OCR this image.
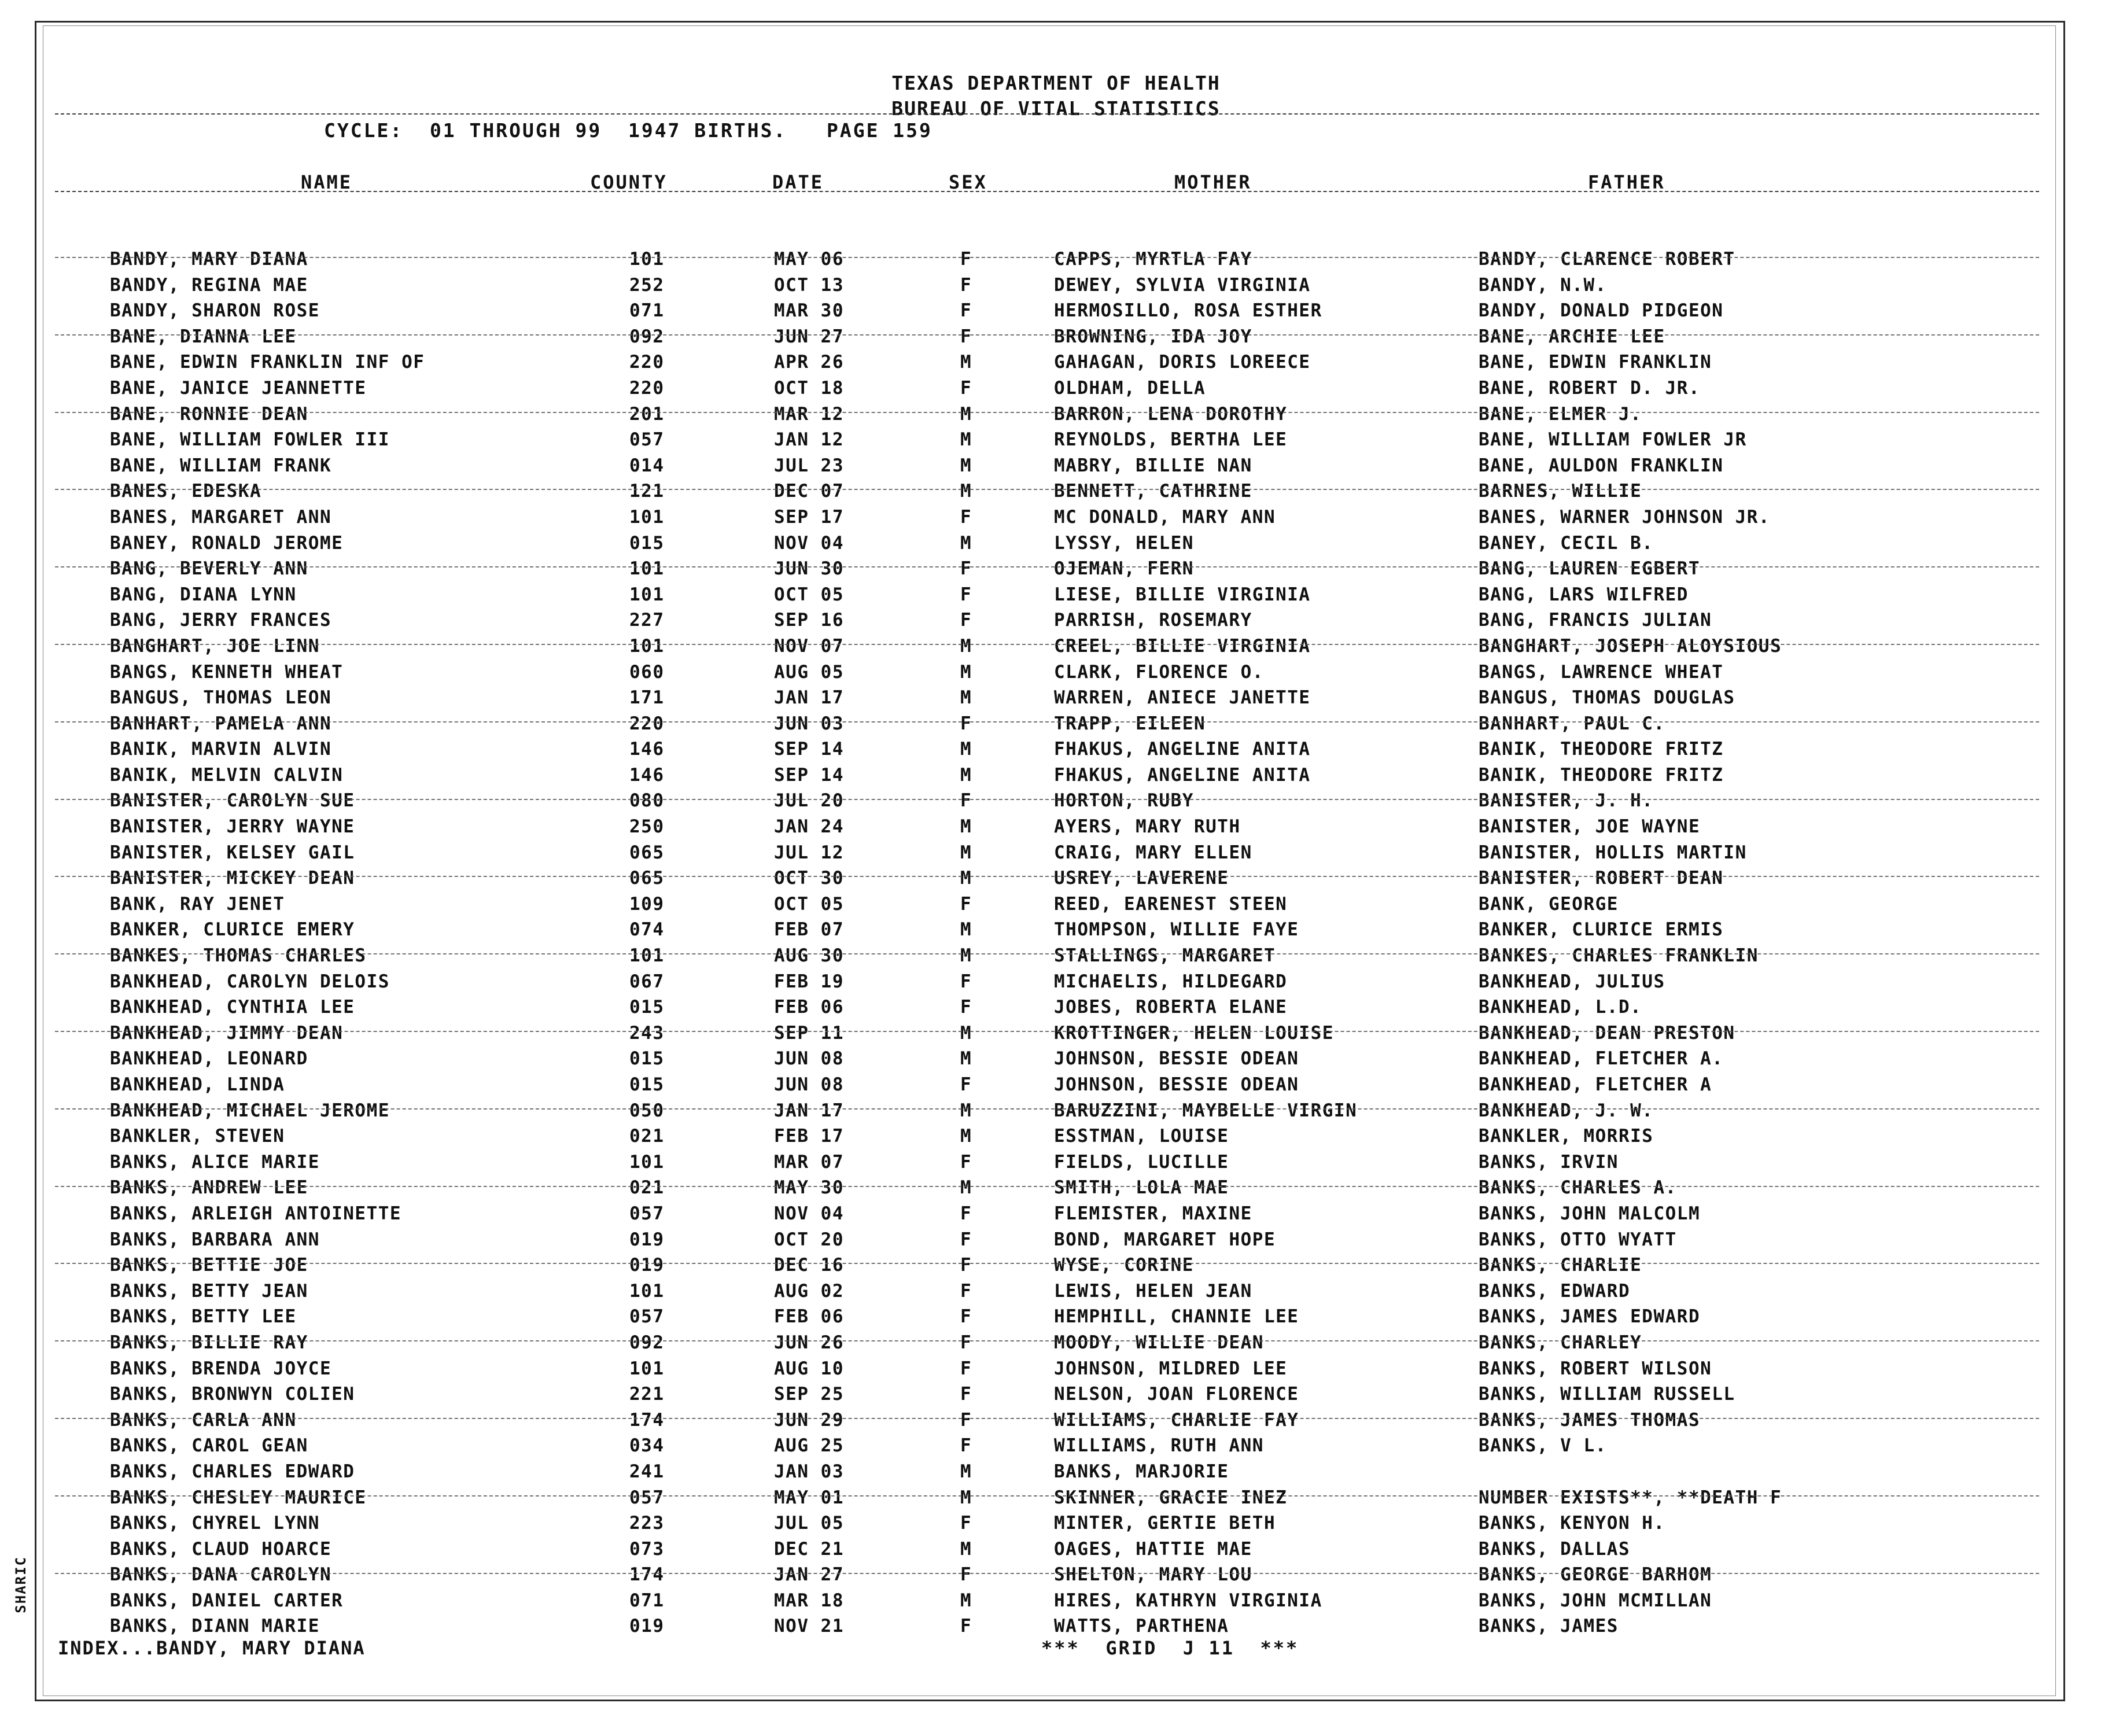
TEXAS DEPARTMENT OF HEALTH
BUREAU OF VITAL STATISTICS
CYCLE:  01 THROUGH 99  1947 BIRTHS.   PAGE 159
NAME	COUNTY	DATE	SEX	MOTHER	FATHER
BANDY, MARY DIANA	101	MAY 06	F	CAPPS, MYRTLA FAY	BANDY, CLARENCE ROBERT
BANDY, REGINA MAE	252	OCT 13	F	DEWEY, SYLVIA VIRGINIA	BANDY, N.W.
BANDY, SHARON ROSE	071	MAR 30	F	HERMOSILLO, ROSA ESTHER	BANDY, DONALD PIDGEON
BANE, DIANNA LEE	092	JUN 27	F	BROWNING, IDA JOY	BANE, ARCHIE LEE
BANE, EDWIN FRANKLIN INF OF	220	APR 26	M	GAHAGAN, DORIS LOREECE	BANE, EDWIN FRANKLIN
BANE, JANICE JEANNETTE	220	OCT 18	F	OLDHAM, DELLA	BANE, ROBERT D. JR.
BANE, RONNIE DEAN	201	MAR 12	M	BARRON, LENA DOROTHY	BANE, ELMER J.
BANE, WILLIAM FOWLER III	057	JAN 12	M	REYNOLDS, BERTHA LEE	BANE, WILLIAM FOWLER JR
BANE, WILLIAM FRANK	014	JUL 23	M	MABRY, BILLIE NAN	BANE, AULDON FRANKLIN
BANES, EDESKA	121	DEC 07	M	BENNETT, CATHRINE	BARNES, WILLIE
BANES, MARGARET ANN	101	SEP 17	F	MC DONALD, MARY ANN	BANES, WARNER JOHNSON JR.
BANEY, RONALD JEROME	015	NOV 04	M	LYSSY, HELEN	BANEY, CECIL B.
BANG, BEVERLY ANN	101	JUN 30	F	OJEMAN, FERN	BANG, LAUREN EGBERT
BANG, DIANA LYNN	101	OCT 05	F	LIESE, BILLIE VIRGINIA	BANG, LARS WILFRED
BANG, JERRY FRANCES	227	SEP 16	F	PARRISH, ROSEMARY	BANG, FRANCIS JULIAN
BANGHART, JOE LINN	101	NOV 07	M	CREEL, BILLIE VIRGINIA	BANGHART, JOSEPH ALOYSIOUS
BANGS, KENNETH WHEAT	060	AUG 05	M	CLARK, FLORENCE O.	BANGS, LAWRENCE WHEAT
BANGUS, THOMAS LEON	171	JAN 17	M	WARREN, ANIECE JANETTE	BANGUS, THOMAS DOUGLAS
BANHART, PAMELA ANN	220	JUN 03	F	TRAPP, EILEEN	BANHART, PAUL C.
BANIK, MARVIN ALVIN	146	SEP 14	M	FHAKUS, ANGELINE ANITA	BANIK, THEODORE FRITZ
BANIK, MELVIN CALVIN	146	SEP 14	M	FHAKUS, ANGELINE ANITA	BANIK, THEODORE FRITZ
BANISTER, CAROLYN SUE	080	JUL 20	F	HORTON, RUBY	BANISTER, J. H.
BANISTER, JERRY WAYNE	250	JAN 24	M	AYERS, MARY RUTH	BANISTER, JOE WAYNE
BANISTER, KELSEY GAIL	065	JUL 12	M	CRAIG, MARY ELLEN	BANISTER, HOLLIS MARTIN
BANISTER, MICKEY DEAN	065	OCT 30	M	USREY, LAVERENE	BANISTER, ROBERT DEAN
BANK, RAY JENET	109	OCT 05	F	REED, EARENEST STEEN	BANK, GEORGE
BANKER, CLURICE EMERY	074	FEB 07	M	THOMPSON, WILLIE FAYE	BANKER, CLURICE ERMIS
BANKES, THOMAS CHARLES	101	AUG 30	M	STALLINGS, MARGARET	BANKES, CHARLES FRANKLIN
BANKHEAD, CAROLYN DELOIS	067	FEB 19	F	MICHAELIS, HILDEGARD	BANKHEAD, JULIUS
BANKHEAD, CYNTHIA LEE	015	FEB 06	F	JOBES, ROBERTA ELANE	BANKHEAD, L.D.
BANKHEAD, JIMMY DEAN	243	SEP 11	M	KROTTINGER, HELEN LOUISE	BANKHEAD, DEAN PRESTON
BANKHEAD, LEONARD	015	JUN 08	M	JOHNSON, BESSIE ODEAN	BANKHEAD, FLETCHER A.
BANKHEAD, LINDA	015	JUN 08	F	JOHNSON, BESSIE ODEAN	BANKHEAD, FLETCHER A
BANKHEAD, MICHAEL JEROME	050	JAN 17	M	BARUZZINI, MAYBELLE VIRGIN	BANKHEAD, J. W.
BANKLER, STEVEN	021	FEB 17	M	ESSTMAN, LOUISE	BANKLER, MORRIS
BANKS, ALICE MARIE	101	MAR 07	F	FIELDS, LUCILLE	BANKS, IRVIN
BANKS, ANDREW LEE	021	MAY 30	M	SMITH, LOLA MAE	BANKS, CHARLES A.
BANKS, ARLEIGH ANTOINETTE	057	NOV 04	F	FLEMISTER, MAXINE	BANKS, JOHN MALCOLM
BANKS, BARBARA ANN	019	OCT 20	F	BOND, MARGARET HOPE	BANKS, OTTO WYATT
BANKS, BETTIE JOE	019	DEC 16	F	WYSE, CORINE	BANKS, CHARLIE
BANKS, BETTY JEAN	101	AUG 02	F	LEWIS, HELEN JEAN	BANKS, EDWARD
BANKS, BETTY LEE	057	FEB 06	F	HEMPHILL, CHANNIE LEE	BANKS, JAMES EDWARD
BANKS, BILLIE RAY	092	JUN 26	F	MOODY, WILLIE DEAN	BANKS, CHARLEY
BANKS, BRENDA JOYCE	101	AUG 10	F	JOHNSON, MILDRED LEE	BANKS, ROBERT WILSON
BANKS, BRONWYN COLIEN	221	SEP 25	F	NELSON, JOAN FLORENCE	BANKS, WILLIAM RUSSELL
BANKS, CARLA ANN	174	JUN 29	F	WILLIAMS, CHARLIE FAY	BANKS, JAMES THOMAS
BANKS, CAROL GEAN	034	AUG 25	F	WILLIAMS, RUTH ANN	BANKS, V L.
BANKS, CHARLES EDWARD	241	JAN 03	M	BANKS, MARJORIE
BANKS, CHESLEY MAURICE	057	MAY 01	M	SKINNER, GRACIE INEZ	NUMBER EXISTS**, **DEATH F
BANKS, CHYREL LYNN	223	JUL 05	F	MINTER, GERTIE BETH	BANKS, KENYON H.
BANKS, CLAUD HOARCE	073	DEC 21	M	OAGES, HATTIE MAE	BANKS, DALLAS
BANKS, DANA CAROLYN	174	JAN 27	F	SHELTON, MARY LOU	BANKS, GEORGE BARHOM
BANKS, DANIEL CARTER	071	MAR 18	M	HIRES, KATHRYN VIRGINIA	BANKS, JOHN MCMILLAN
BANKS, DIANN MARIE	019	NOV 21	F	WATTS, PARTHENA	BANKS, JAMES
SHARIC
INDEX...BANDY, MARY DIANA	***  GRID  J 11  ***
